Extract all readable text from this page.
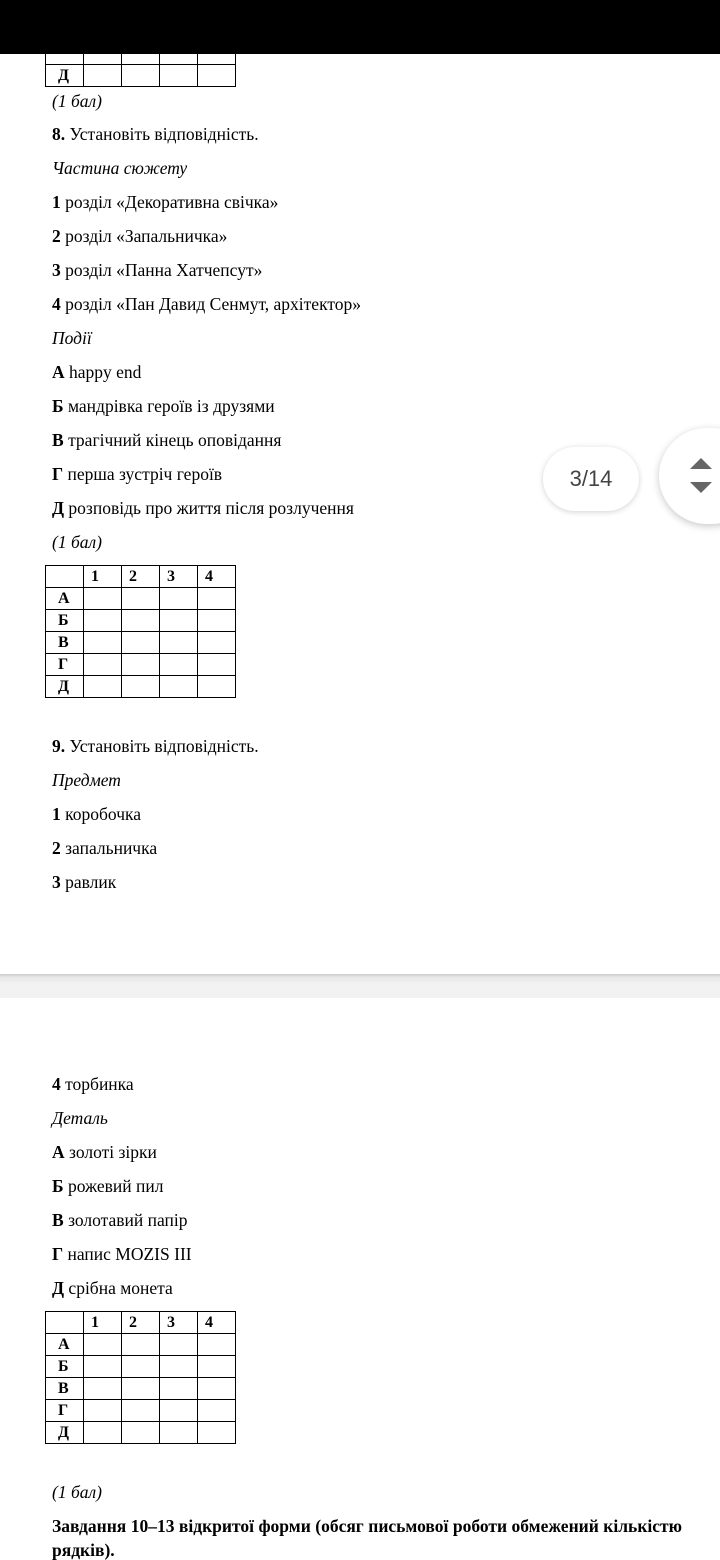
Д				
(1 бал)
8. Установіть відповідність.
Частина сюжету
1 розділ «Декоративна свічка»
2 розділ «Запальничка»
3 розділ «Панна Хатчепсут»
4 розділ «Пан Давид Сенмут, архітектор»
Події
А happy end
Б мандрівка героїв із друзями
В трагічний кінець оповідання
Г перша зустріч героїв
Д розповідь про життя після розлучення
(1 бал)
	1	2	3	4
А				
Б				
В				
Г				
Д				
9. Установіть відповідність.
Предмет
1 коробочка
2 запальничка
3 равлик
4 торбинка
Деталь
А золоті зірки
Б рожевий пил
В золотавий папір
Г напис MOZIS III
Д срібна монета
	1	2	3	4
А				
Б				
В				
Г				
Д				
(1 бал)
Завдання 10–13 відкритої форми (обсяг письмової роботи обмежений кількістю рядків).
3/14
